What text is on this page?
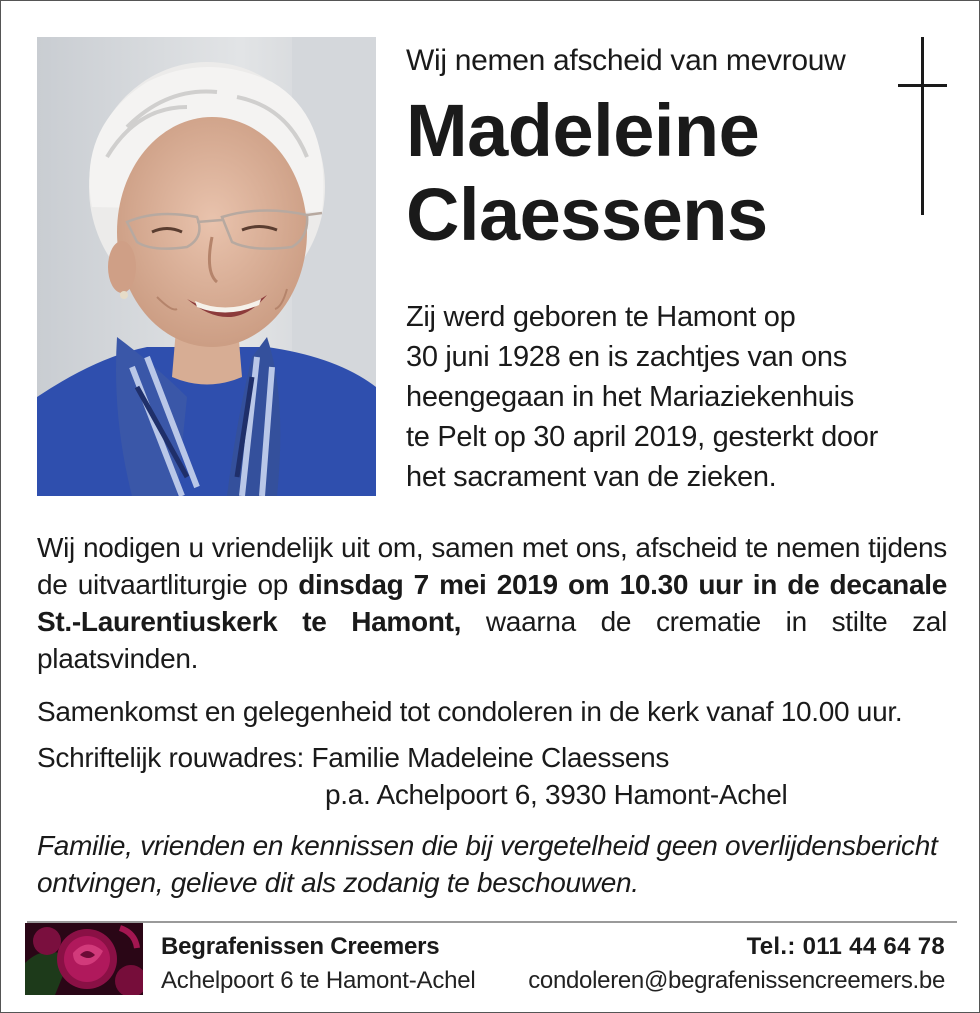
Wij nemen afscheid van mevrouw
Madeleine
Claessens
Zij werd geboren te Hamont op
30 juni 1928 en is zachtjes van ons
heengegaan in het Mariaziekenhuis
te Pelt op 30 april 2019, gesterkt door
het sacrament van de zieken.
Wij nodigen u vriendelijk uit om, samen met ons, afscheid te nemen tijdens de uitvaartliturgie op dinsdag 7 mei 2019 om 10.30 uur in de decanale St.-Laurentiuskerk te Hamont, waarna de crematie in stilte zal plaatsvinden.
Samenkomst en gelegenheid tot condoleren in de kerk vanaf 10.00 uur.
Schriftelijk rouwadres: Familie Madeleine Claessens
p.a. Achelpoort 6, 3930 Hamont-Achel
Familie, vrienden en kennissen die bij vergetelheid geen overlijdensbericht ontvingen, gelieve dit als zodanig te beschouwen.
Begrafenissen Creemers
Achelpoort 6 te Hamont-Achel
Tel.: 011 44 64 78
condoleren@begrafenissencreemers.be
